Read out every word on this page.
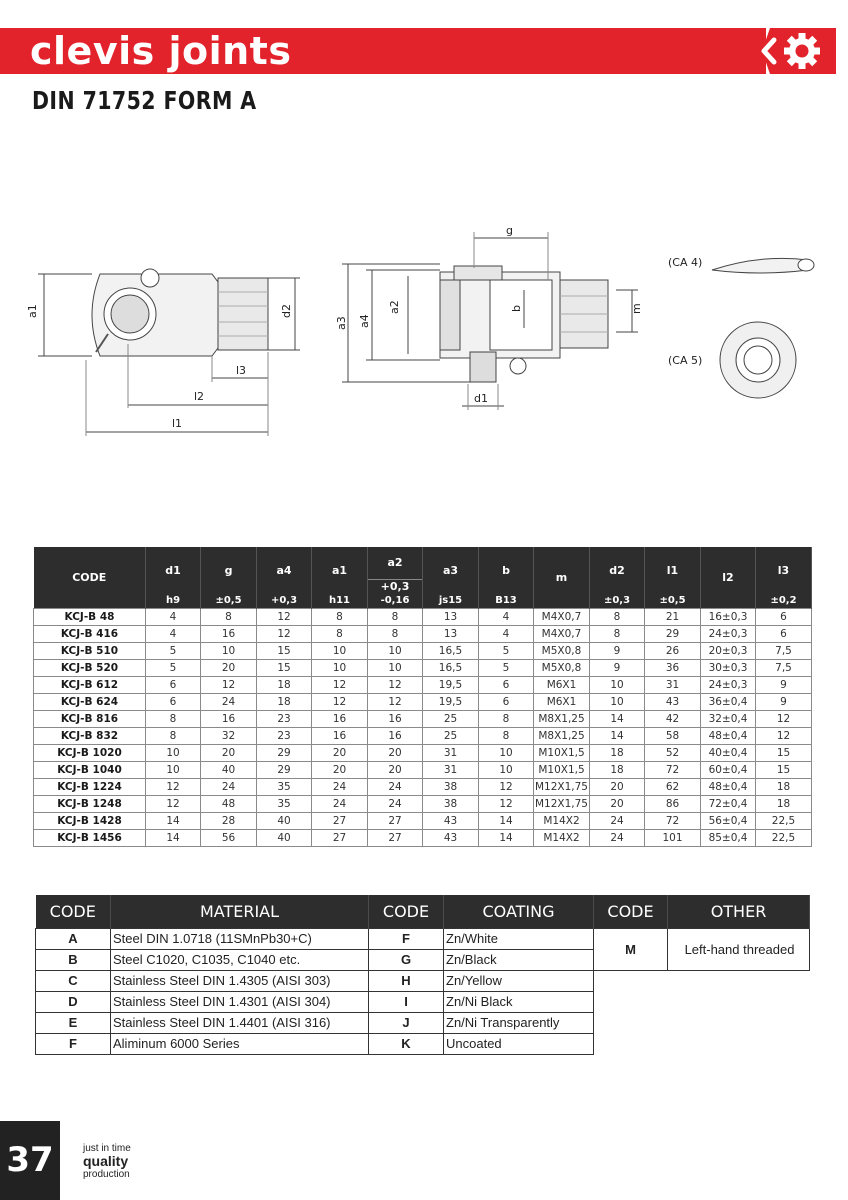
clevis joints
DIN 71752 FORM A
a1	d2
l3
l2
l1
g
a3 a4
a2	b	m
d1
(CA 4)
(CA 5)
CODE	d1	g	a4	a1	a2	a3	b	m	d2	l1	l2	l3
					+0,3							
	h9	±0,5	+0,3	h11	-0,16	js15	B13		±0,3	±0,5		±0,2
KCJ-B 48	4	8	12	8	8	13	4	M4X0,7	8	21	16±0,3	6
KCJ-B 416	4	16	12	8	8	13	4	M4X0,7	8	29	24±0,3	6
KCJ-B 510	5	10	15	10	10	16,5	5	M5X0,8	9	26	20±0,3	7,5
KCJ-B 520	5	20	15	10	10	16,5	5	M5X0,8	9	36	30±0,3	7,5
KCJ-B 612	6	12	18	12	12	19,5	6	M6X1	10	31	24±0,3	9
KCJ-B 624	6	24	18	12	12	19,5	6	M6X1	10	43	36±0,4	9
KCJ-B 816	8	16	23	16	16	25	8	M8X1,25	14	42	32±0,4	12
KCJ-B 832	8	32	23	16	16	25	8	M8X1,25	14	58	48±0,4	12
KCJ-B 1020	10	20	29	20	20	31	10	M10X1,5	18	52	40±0,4	15
KCJ-B 1040	10	40	29	20	20	31	10	M10X1,5	18	72	60±0,4	15
KCJ-B 1224	12	24	35	24	24	38	12	M12X1,75	20	62	48±0,4	18
KCJ-B 1248	12	48	35	24	24	38	12	M12X1,75	20	86	72±0,4	18
KCJ-B 1428	14	28	40	27	27	43	14	M14X2	24	72	56±0,4	22,5
KCJ-B 1456	14	56	40	27	27	43	14	M14X2	24	101	85±0,4	22,5
CODE	MATERIAL	CODE	COATING	CODE	OTHER
A	Steel DIN 1.0718 (11SMnPb30+C)	F	Zn/White	M	Left-hand threaded
B	Steel C1020, C1035, C1040 etc.	G	Zn/Black		
C	Stainless Steel DIN 1.4305 (AISI 303)	H	Zn/Yellow		
D	Stainless Steel DIN 1.4301 (AISI 304)	I	Zn/Ni Black		
E	Stainless Steel DIN 1.4401 (AISI 316)	J	Zn/Ni Transparently		
F	Aliminum 6000 Series	K	Uncoated		
37	just in time
quality
production
